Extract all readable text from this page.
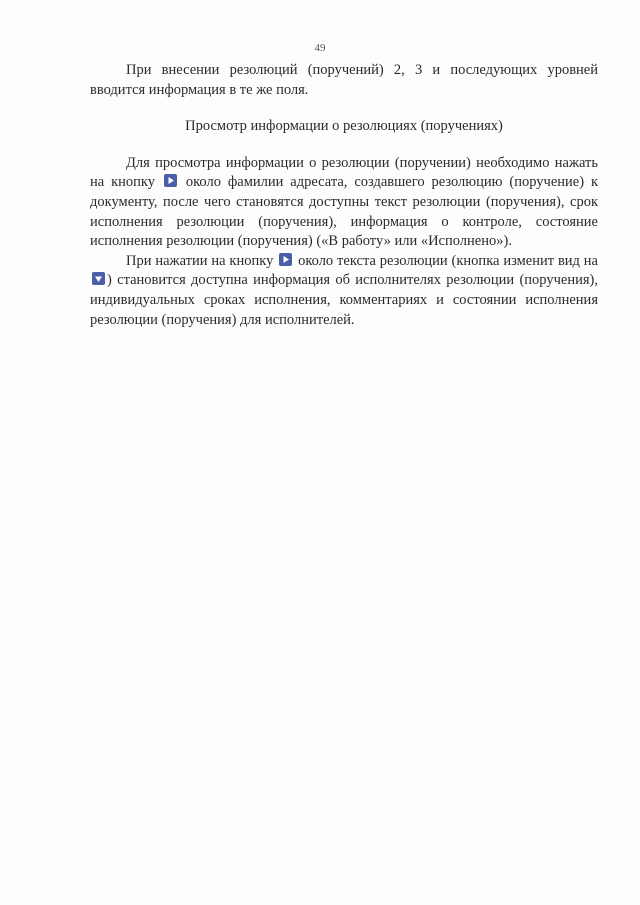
49

При внесении резолюций (поручений) 2, 3 и последующих уровней вводится информация в те же поля.

Просмотр информации о резолюциях (поручениях)

Для просмотра информации о резолюции (поручении) необходимо нажать на кнопку около фамилии адресата, создавшего резолюцию (поручение) к документу, после чего становятся доступны текст резолюции (поручения), срок исполнения резолюции (поручения), информация о контроле, состояние исполнения резолюции (поручения) («В работу» или «Исполнено»).

При нажатии на кнопку около текста резолюции (кнопка изменит вид на
) становится доступна информация об исполнителях резолюции (поручения), индивидуальных сроках исполнения, комментариях и состоянии исполнения резолюции (поручения) для исполнителей.
